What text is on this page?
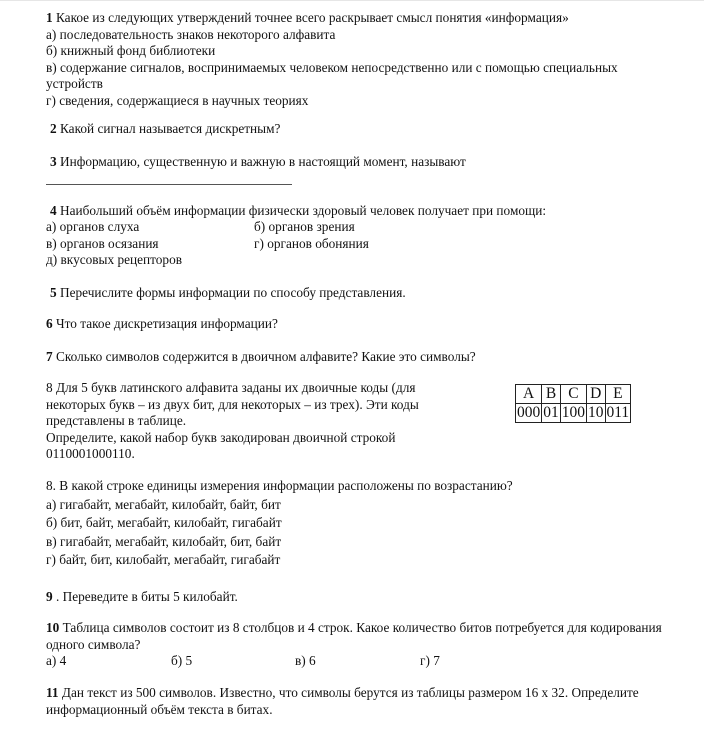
1 Какое из следующих утверждений точнее всего раскрывает смысл понятия «информация»
а) последовательность знаков некоторого алфавита
б) книжный фонд библиотеки
в) содержание сигналов, воспринимаемых человеком непосредственно или с помощью специальных устройств
г) сведения, содержащиеся в научных теориях
2 Какой сигнал называется дискретным?
3 Информацию, существенную и важную в настоящий момент, называют
4 Наибольший объём информации физически здоровый человек получает при помощи:
а) органов слуха	б) органов зрения
в) органов осязания	г) органов обоняния
д) вкусовых рецепторов
5 Перечислите формы информации по способу представления.
6 Что такое дискретизация информации?
7 Сколько символов содержится в двоичном алфавите? Какие это символы?
8 Для 5 букв латинского алфавита заданы их двоичные коды (для
некоторых букв – из двух бит, для некоторых – из трех). Эти коды
представлены в таблице.
Определите, какой набор букв закодирован двоичной строкой
0110001000110.
A	B	C	D	E
000	01	100	10	011
8. В какой строке единицы измерения информации расположены по возрастанию?
а) гигабайт, мегабайт, килобайт, байт, бит
б) бит, байт, мегабайт, килобайт, гигабайт
в) гигабайт, мегабайт, килобайт, бит, байт
г) байт, бит, килобайт, мегабайт, гигабайт
9 . Переведите в биты 5 килобайт.
10 Таблица символов состоит из 8 столбцов и 4 строк. Какое количество битов потребуется для кодирования одного символа?
а) 4	б) 5	в) 6	г) 7
11 Дан текст из 500 символов. Известно, что символы берутся из таблицы размером 16 х 32. Определите информационный объём текста в битах.
